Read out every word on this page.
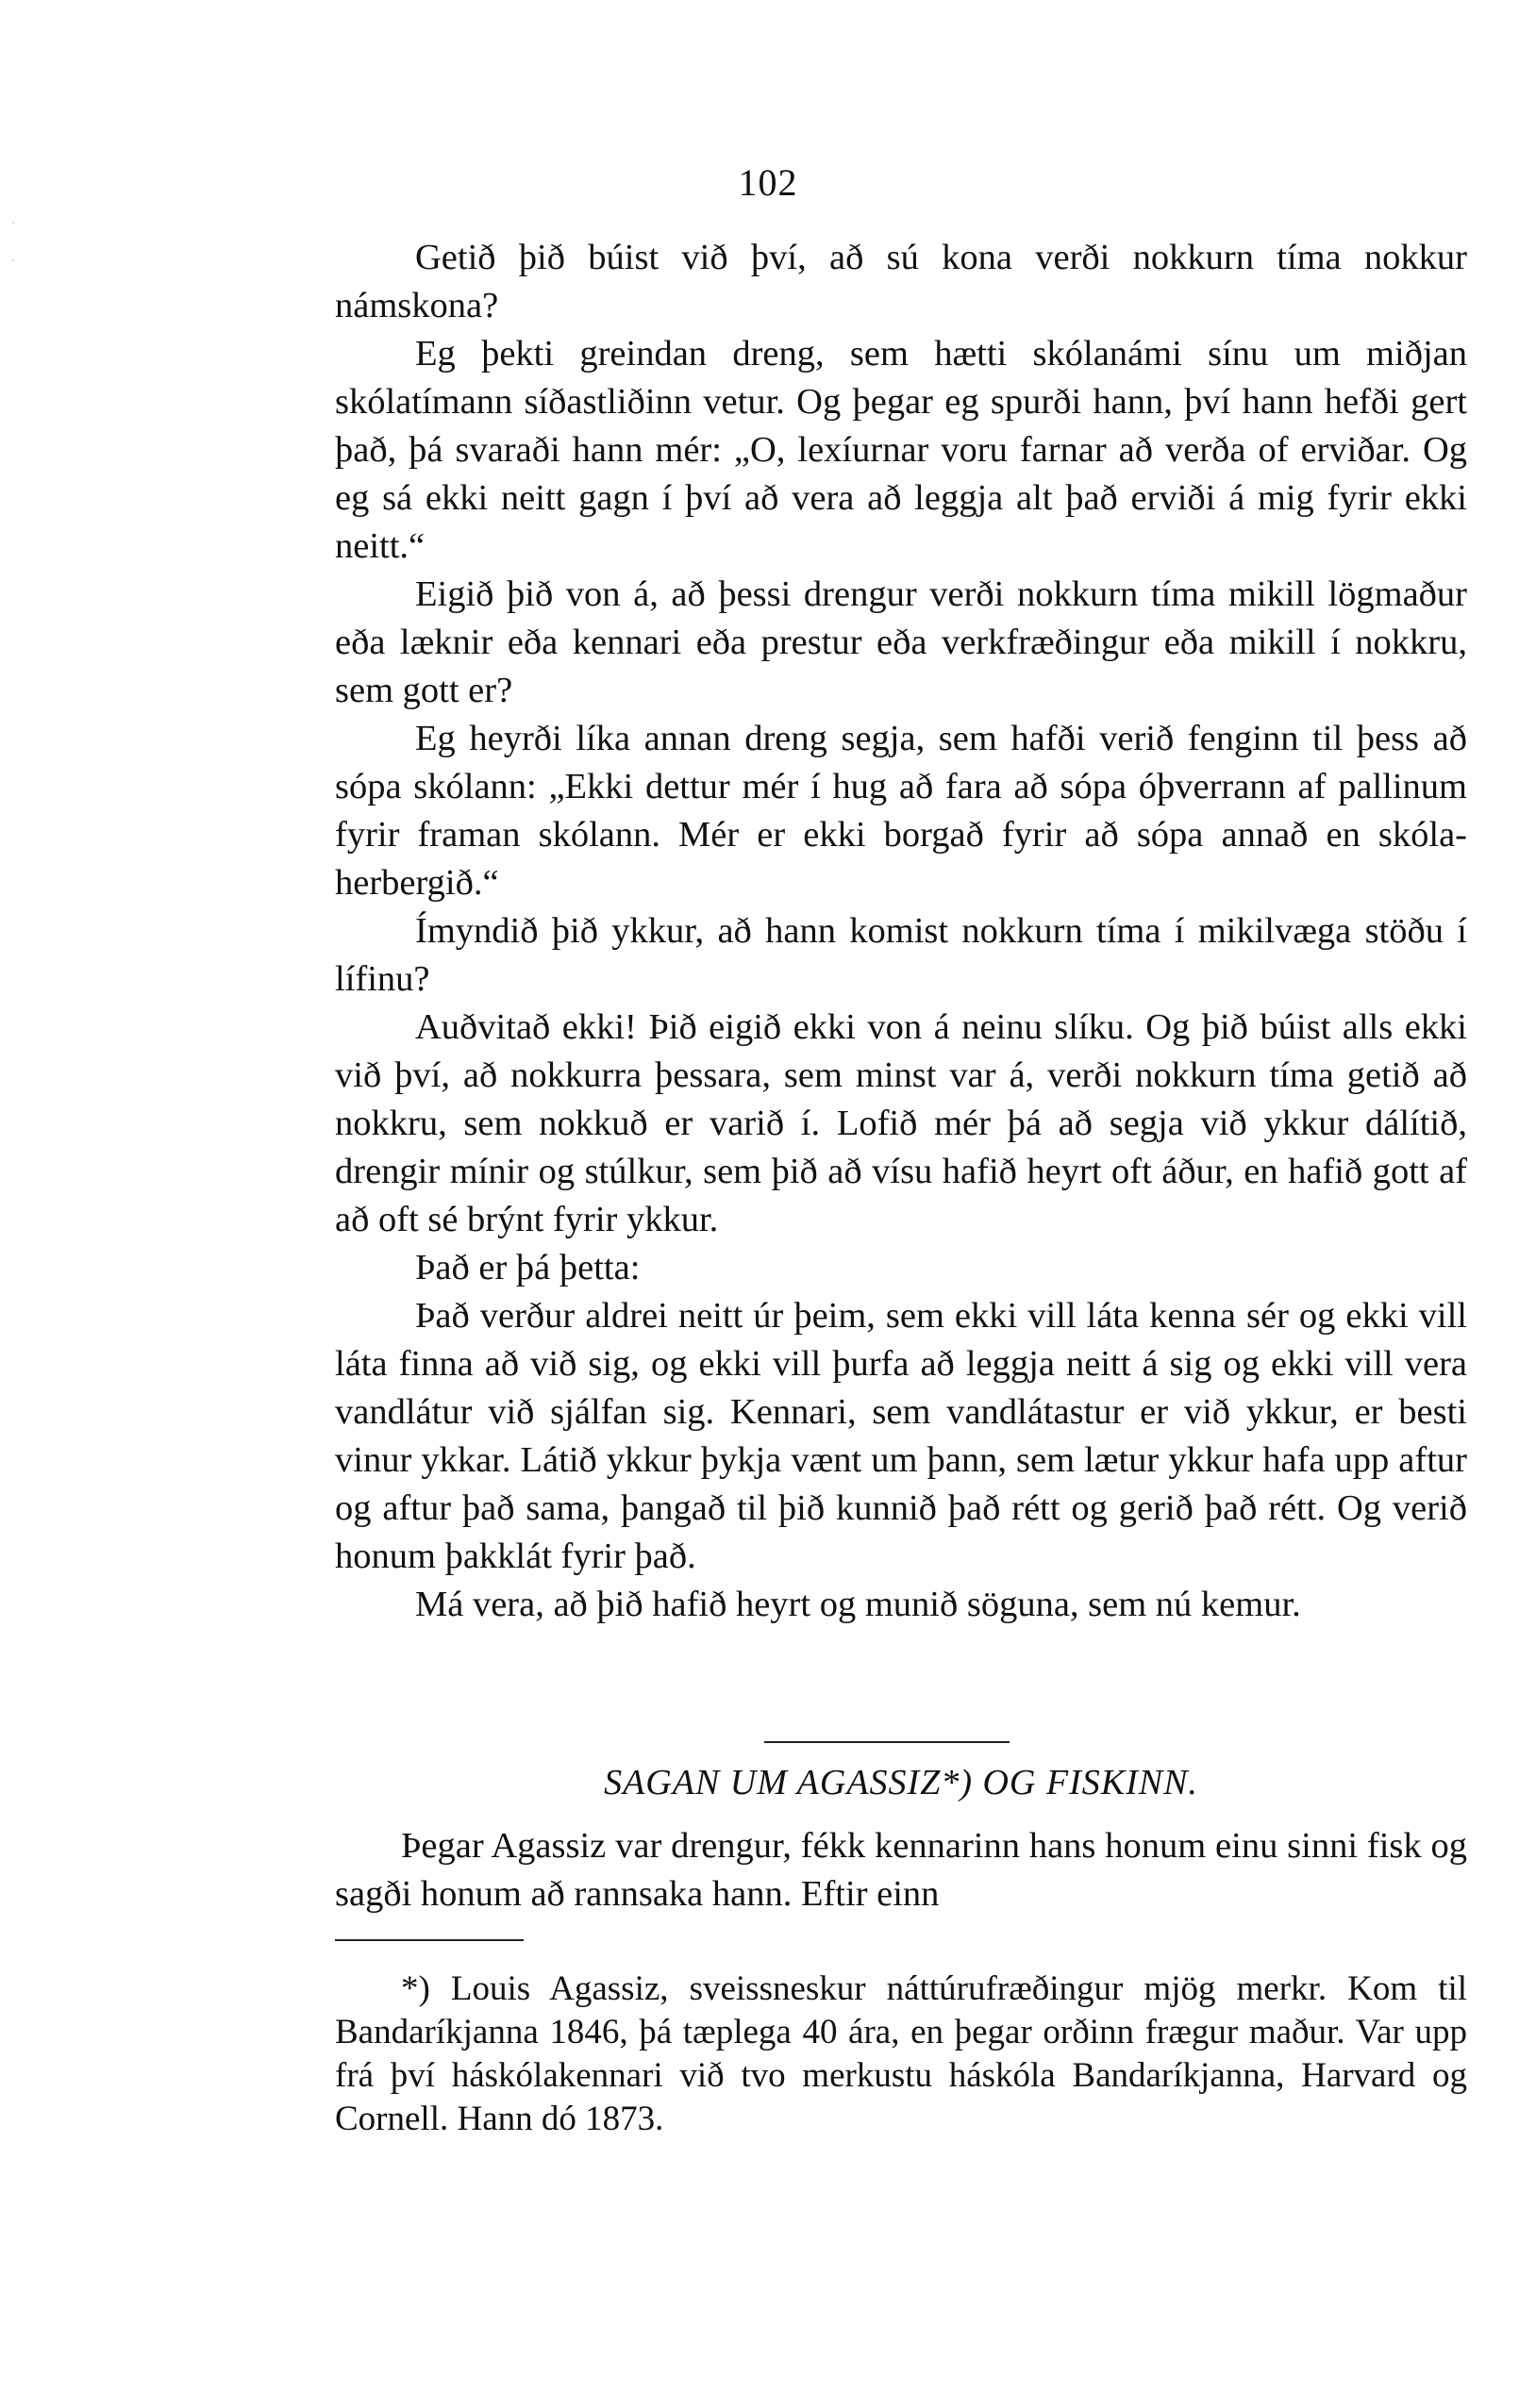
·
·
102

Getið þið búist við því, að sú kona verði nokkurn tíma nokkur námskona?

Eg þekti greindan dreng, sem hætti skólanámi sínu um miðjan skólatímann síðastliðinn vetur. Og þegar eg spurði hann, því hann hefði gert það, þá svaraði hann mér: „O, lexíurnar voru farnar að verða of erviðar. Og eg sá ekki neitt gagn í því að vera að leggja alt það erviði á mig fyrir ekki neitt.“

Eigið þið von á, að þessi drengur verði nokkurn tíma mikill lögmaður eða læknir eða kennari eða prestur eða verkfræðingur eða mikill í nokkru, sem gott er?

Eg heyrði líka annan dreng segja, sem hafði verið fenginn til þess að sópa skólann: „Ekki dettur mér í hug að fara að sópa óþverrann af pallinum fyrir framan skólann. Mér er ekki borgað fyrir að sópa annað en skóla-herbergið.“

Ímyndið þið ykkur, að hann komist nokkurn tíma í mikilvæga stöðu í lífinu?

Auðvitað ekki! Þið eigið ekki von á neinu slíku. Og þið búist alls ekki við því, að nokkurra þessara, sem minst var á, verði nokkurn tíma getið að nokkru, sem nokkuð er varið í. Lofið mér þá að segja við ykkur dálítið, drengir mínir og stúlkur, sem þið að vísu hafið heyrt oft áður, en hafið gott af að oft sé brýnt fyrir ykkur.

Það er þá þetta:

Það verður aldrei neitt úr þeim, sem ekki vill láta kenna sér og ekki vill láta finna að við sig, og ekki vill þurfa að leggja neitt á sig og ekki vill vera vandlátur við sjálfan sig. Kennari, sem vandlátastur er við ykkur, er besti vinur ykkar. Látið ykkur þykja vænt um þann, sem lætur ykkur hafa upp aftur og aftur það sama, þangað til þið kunnið það rétt og gerið það rétt. Og verið honum þakklát fyrir það.

Má vera, að þið hafið heyrt og munið söguna, sem nú kemur.

SAGAN UM AGASSIZ*) OG FISKINN.

Þegar Agassiz var drengur, fékk kennarinn hans honum einu sinni fisk og sagði honum að rannsaka hann. Eftir einn

*) Louis Agassiz, sveissneskur náttúrufræðingur mjög merkr. Kom til Bandaríkjanna 1846, þá tæplega 40 ára, en þegar orðinn frægur maður. Var upp frá því háskólakennari við tvo merkustu háskóla Bandaríkjanna, Harvard og Cornell. Hann dó 1873.
